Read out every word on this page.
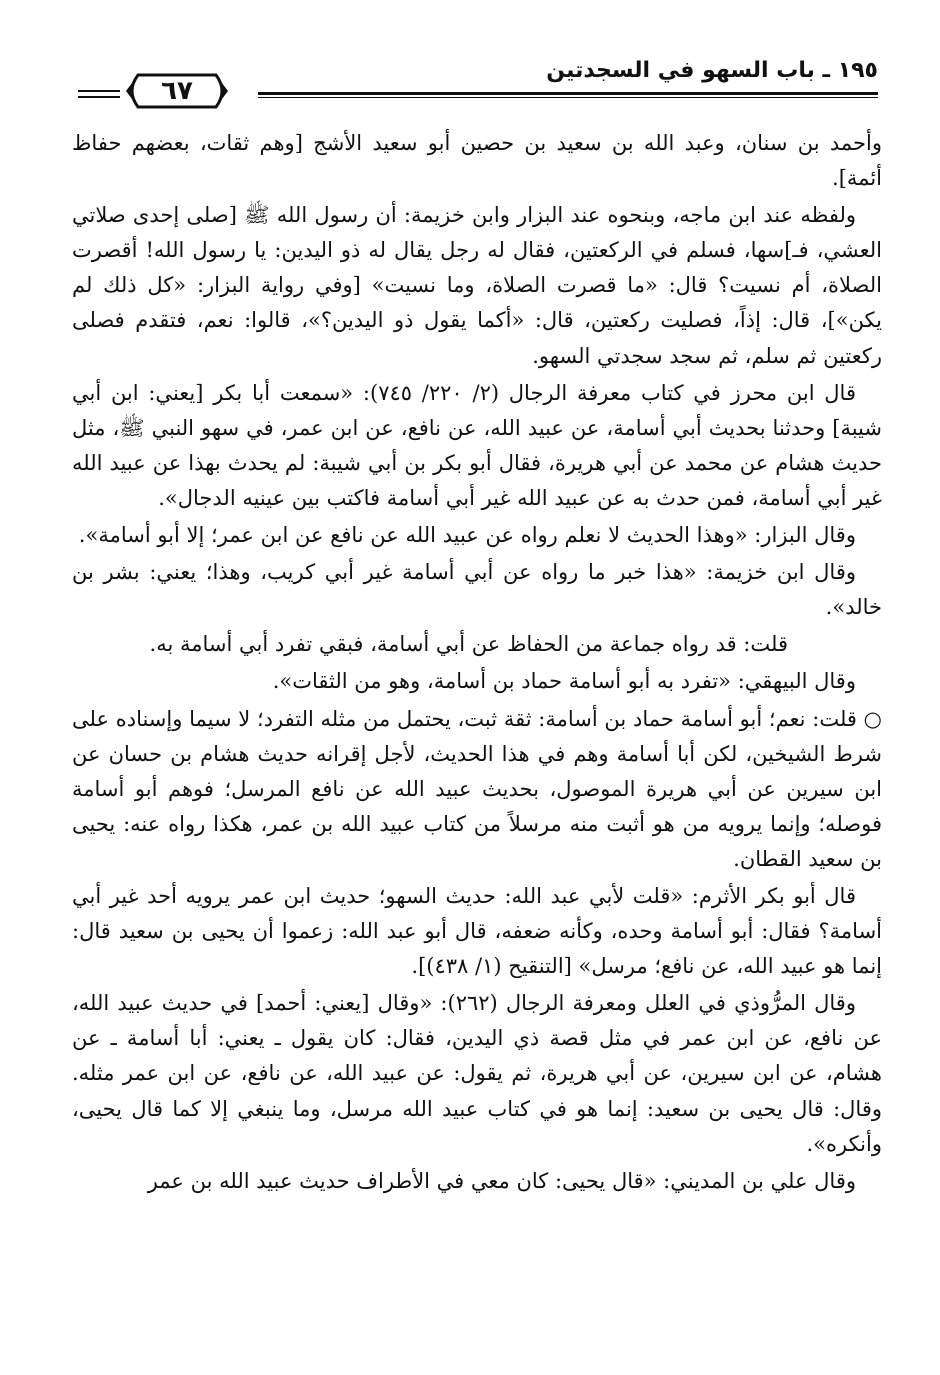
١٩٥ ـ باب السهو في السجدتين
٦٧

وأحمد بن سنان، وعبد الله بن سعيد بن حصين أبو سعيد الأشج [وهم ثقات، بعضهم حفاظ أئمة].

ولفظه عند ابن ماجه، وبنحوه عند البزار وابن خزيمة: أن رسول الله ﷺ [صلى إحدى صلاتي العشي، فـ]سها، فسلم في الركعتين، فقال له رجل يقال له ذو اليدين: يا رسول الله! أقصرت الصلاة، أم نسيت؟ قال: «ما قصرت الصلاة، وما نسيت» [وفي رواية البزار: «كل ذلك لم يكن»]، قال: إذاً، فصليت ركعتين، قال: «أكما يقول ذو اليدين؟»، قالوا: نعم، فتقدم فصلى ركعتين ثم سلم، ثم سجد سجدتي السهو.

قال ابن محرز في كتاب معرفة الرجال (٢/ ٢٢٠/ ٧٤٥): «سمعت أبا بكر [يعني: ابن أبي شيبة] وحدثنا بحديث أبي أسامة، عن عبيد الله، عن نافع، عن ابن عمر، في سهو النبي ﷺ، مثل حديث هشام عن محمد عن أبي هريرة، فقال أبو بكر بن أبي شيبة: لم يحدث بهذا عن عبيد الله غير أبي أسامة، فمن حدث به عن عبيد الله غير أبي أسامة فاكتب بين عينيه الدجال».

وقال البزار: «وهذا الحديث لا نعلم رواه عن عبيد الله عن نافع عن ابن عمر؛ إلا أبو أسامة».

وقال ابن خزيمة: «هذا خبر ما رواه عن أبي أسامة غير أبي كريب، وهذا؛ يعني: بشر بن خالد».

قلت: قد رواه جماعة من الحفاظ عن أبي أسامة، فبقي تفرد أبي أسامة به.

وقال البيهقي: «تفرد به أبو أسامة حماد بن أسامة، وهو من الثقات».

○ قلت: نعم؛ أبو أسامة حماد بن أسامة: ثقة ثبت، يحتمل من مثله التفرد؛ لا سيما وإسناده على شرط الشيخين، لكن أبا أسامة وهم في هذا الحديث، لأجل إقرانه حديث هشام بن حسان عن ابن سيرين عن أبي هريرة الموصول، بحديث عبيد الله عن نافع المرسل؛ فوهم أبو أسامة فوصله؛ وإنما يرويه من هو أثبت منه مرسلاً من كتاب عبيد الله بن عمر، هكذا رواه عنه: يحيى بن سعيد القطان.

قال أبو بكر الأثرم: «قلت لأبي عبد الله: حديث السهو؛ حديث ابن عمر يرويه أحد غير أبي أسامة؟ فقال: أبو أسامة وحده، وكأنه ضعفه، قال أبو عبد الله: زعموا أن يحيى بن سعيد قال: إنما هو عبيد الله، عن نافع؛ مرسل» [التنقيح (١/ ٤٣٨)].

وقال المرُّوذي في العلل ومعرفة الرجال (٢٦٢): «وقال [يعني: أحمد] في حديث عبيد الله، عن نافع، عن ابن عمر في مثل قصة ذي اليدين، فقال: كان يقول ـ يعني: أبا أسامة ـ عن هشام، عن ابن سيرين، عن أبي هريرة، ثم يقول: عن عبيد الله، عن نافع، عن ابن عمر مثله. وقال: قال يحيى بن سعيد: إنما هو في كتاب عبيد الله مرسل، وما ينبغي إلا كما قال يحيى، وأنكره».

وقال علي بن المديني: «قال يحيى: كان معي في الأطراف حديث عبيد الله بن عمر
